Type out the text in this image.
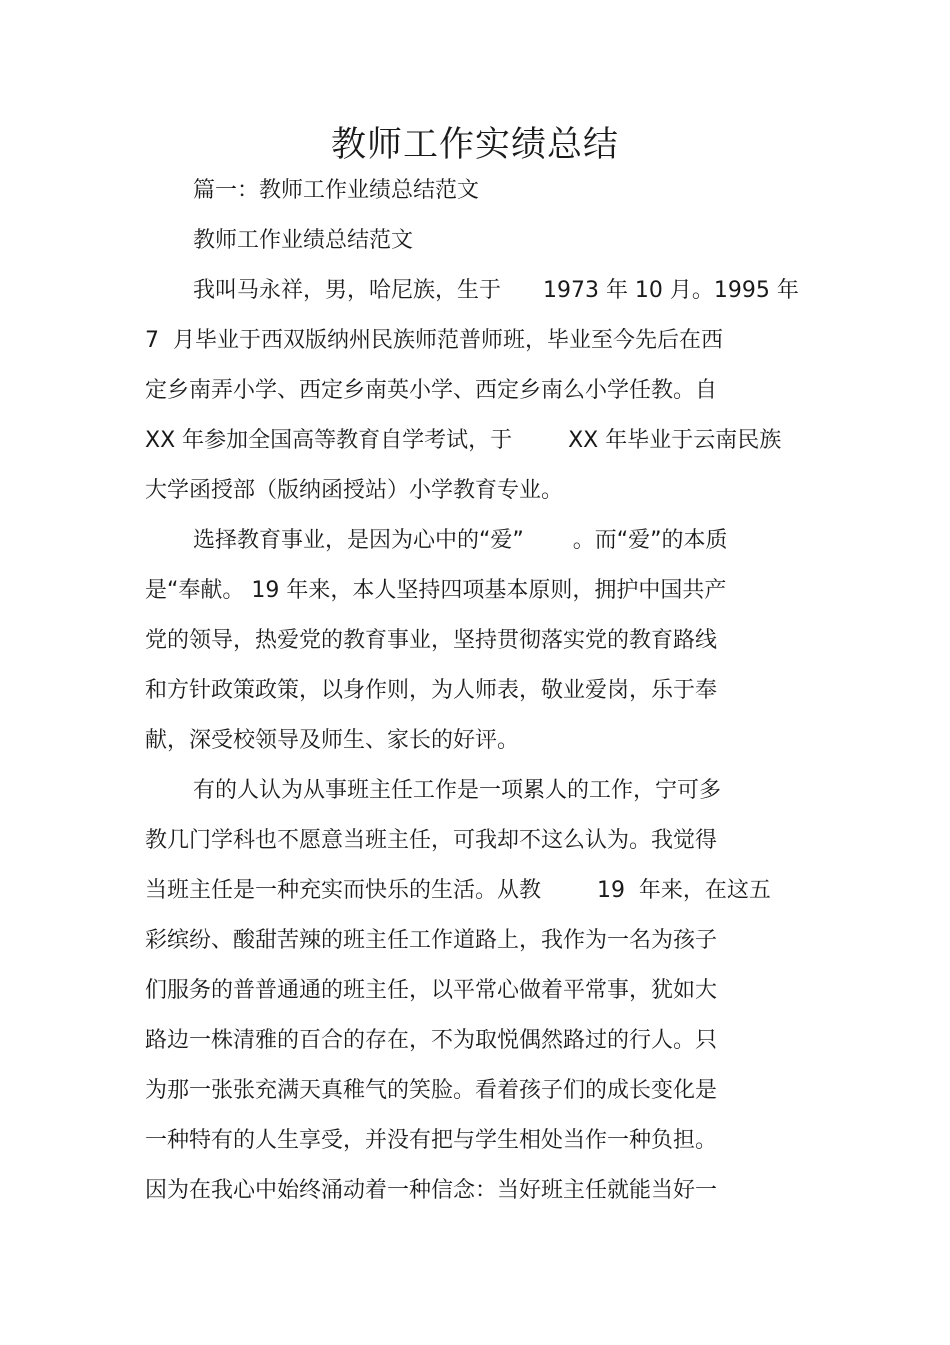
教师工作实绩总结
篇一：教师工作业绩总结范文
教师工作业绩总结范文
我叫马永祥，男，哈尼族，生于      1973 年 10 月。1995 年
7  月毕业于西双版纳州民族师范普师班，毕业至今先后在西
定乡南弄小学、西定乡南英小学、西定乡南么小学任教。自
XX 年参加全国高等教育自学考试，于        XX 年毕业于云南民族
大学函授部（版纳函授站）小学教育专业。
选择教育事业，是因为心中的“爱”       。而“爱”的本质
是“奉献。 19 年来，本人坚持四项基本原则，拥护中国共产
党的领导，热爱党的教育事业，坚持贯彻落实党的教育路线
和方针政策政策，以身作则，为人师表，敬业爱岗，乐于奉
献，深受校领导及师生、家长的好评。
有的人认为从事班主任工作是一项累人的工作，宁可多
教几门学科也不愿意当班主任，可我却不这么认为。我觉得
当班主任是一种充实而快乐的生活。从教        19  年来，在这五
彩缤纷、酸甜苦辣的班主任工作道路上，我作为一名为孩子
们服务的普普通通的班主任，以平常心做着平常事，犹如大
路边一株清雅的百合的存在，不为取悦偶然路过的行人。只
为那一张张充满天真稚气的笑脸。看着孩子们的成长变化是
一种特有的人生享受，并没有把与学生相处当作一种负担。
因为在我心中始终涌动着一种信念：当好班主任就能当好一
